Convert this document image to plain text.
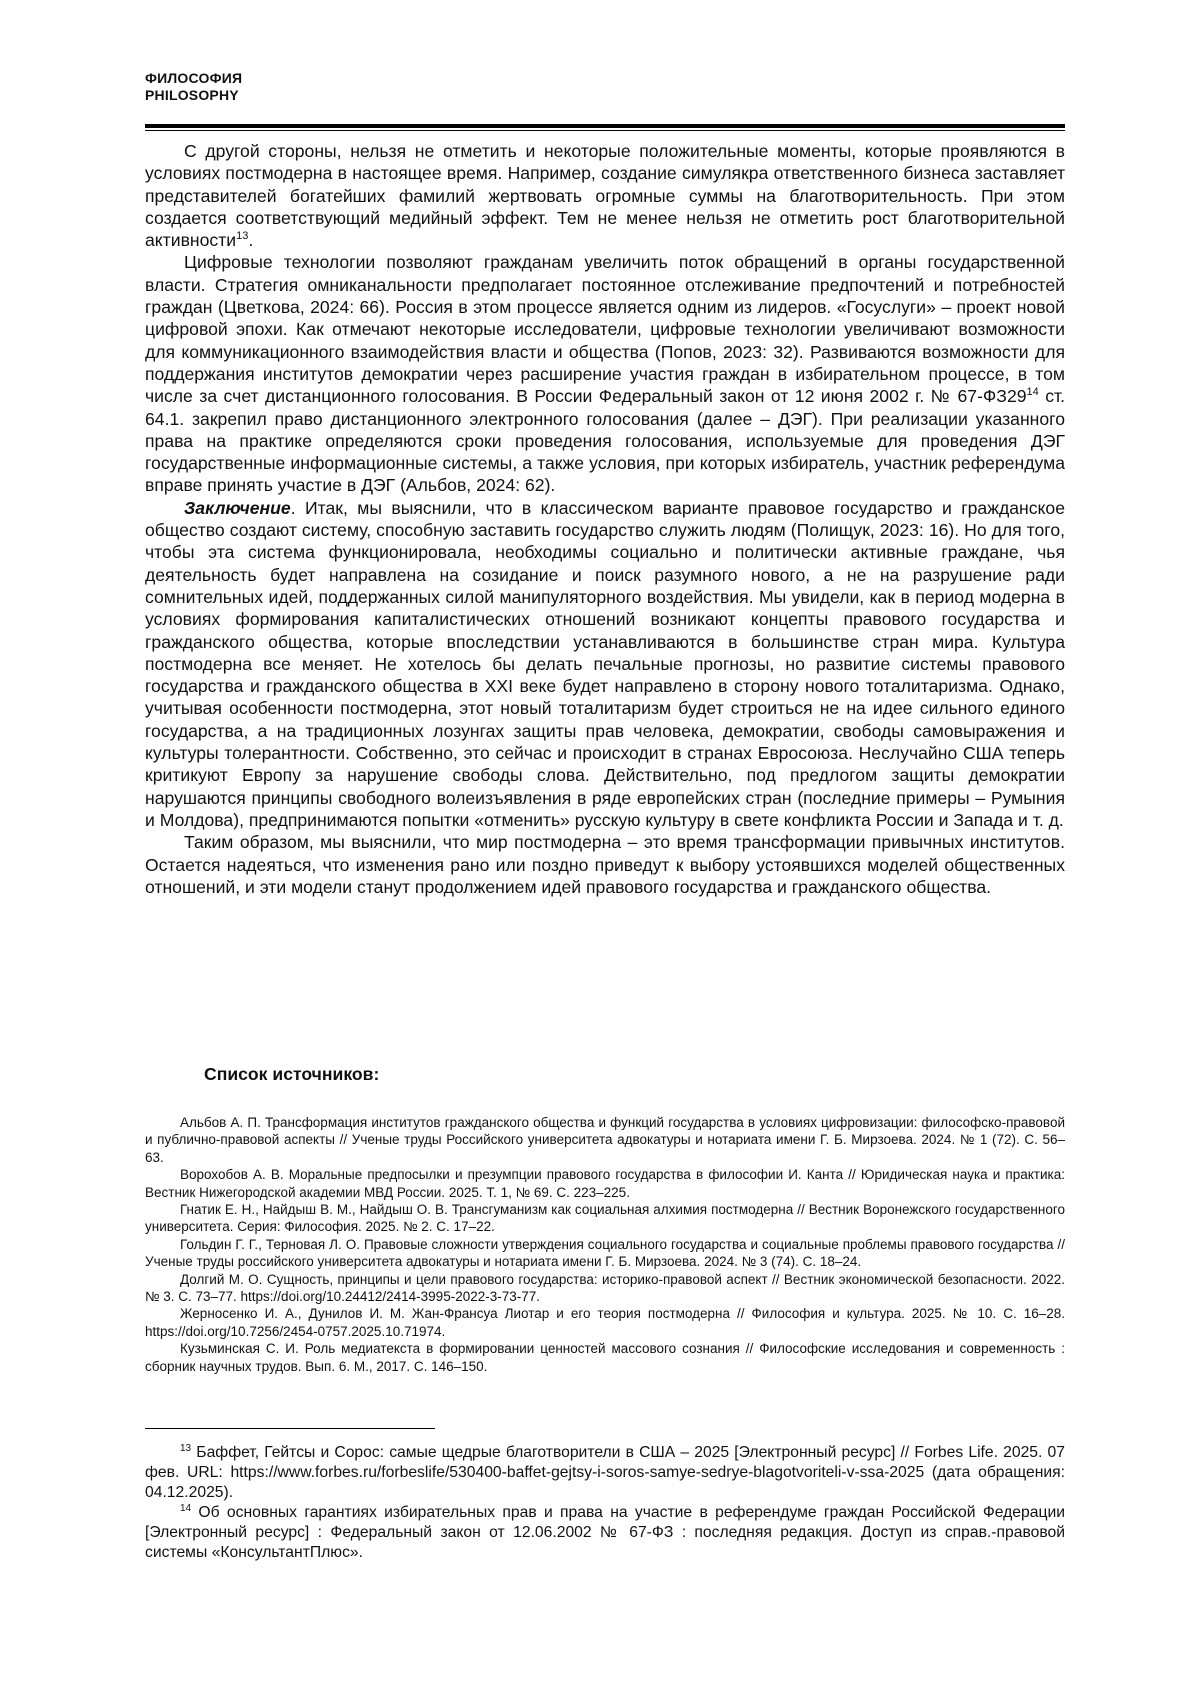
ФИЛОСОФИЯ
PHILOSOPHY

С другой стороны, нельзя не отметить и некоторые положительные моменты, которые проявляются в условиях постмодерна в настоящее время. Например, создание симулякра ответственного бизнеса заставляет представителей богатейших фамилий жертвовать огромные суммы на благотворительность. При этом создается соответствующий медийный эффект. Тем не менее нельзя не отметить рост благотворительной активности$^{13}$.

Цифровые технологии позволяют гражданам увеличить поток обращений в органы государственной власти. Стратегия омниканальности предполагает постоянное отслеживание предпочтений и потребностей граждан (Цветкова, 2024: 66). Россия в этом процессе является одним из лидеров. «Госуслуги» – проект новой цифровой эпохи. Как отмечают некоторые исследователи, цифровые технологии увеличивают возможности для коммуникационного взаимодействия власти и общества (Попов, 2023: 32). Развиваются возможности для поддержания институтов демократии через расширение участия граждан в избирательном процессе, в том числе за счет дистанционного голосования. В России Федеральный закон от 12 июня 2002 г. № $67-ФЗ29^{14}$ ст. 64.1. закрепил право дистанционного электронного голосования (далее – ДЭГ). При реализации указанного права на практике определяются сроки проведения голосования, используемые для проведения ДЭГ государственные информационные системы, а также условия, при которых избиратель, участник референдума вправе принять участие в ДЭГ (Альбов, 2024: 62).

Заключение. Итак, мы выяснили, что в классическом варианте правовое государство и гражданское общество создают систему, способную заставить государство служить людям (Полищук, 2023: 16). Но для того, чтобы эта система функционировала, необходимы социально и политически активные граждане, чья деятельность будет направлена на созидание и поиск разумного нового, а не на разрушение ради сомнительных идей, поддержанных силой манипуляторного воздействия. Мы увидели, как в период модерна в условиях формирования капиталистических отношений возникают концепты правового государства и гражданского общества, которые впоследствии устанавливаются в большинстве стран мира. Культура постмодерна все меняет. Не хотелось бы делать печальные прогнозы, но развитие системы правового государства и гражданского общества в XXI веке будет направлено в сторону нового тоталитаризма. Однако, учитывая особенности постмодерна, этот новый тоталитаризм будет строиться не на идее сильного единого государства, а на традиционных лозунгах защиты прав человека, демократии, свободы самовыражения и культуры толерантности. Собственно, это сейчас и происходит в странах Евросоюза. Неслучайно США теперь критикуют Европу за нарушение свободы слова. Действительно, под предлогом защиты демократии нарушаются принципы свободного волеизъявления в ряде европейских стран (последние примеры – Румыния и Молдова), предпринимаются попытки «отменить» русскую культуру в свете конфликта России и Запада и т. д.

Таким образом, мы выяснили, что мир постмодерна – это время трансформации привычных институтов. Остается надеяться, что изменения рано или поздно приведут к выбору устоявшихся моделей общественных отношений, и эти модели станут продолжением идей правового государства и гражданского общества.

Список источников:

Альбов А. П. Трансформация институтов гражданского общества и функций государства в условиях цифровизации: философско-правовой и публично-правовой аспекты // Ученые труды Российского университета адвокатуры и нотариата имени Г. Б. Мирзоева. 2024. № 1 (72). С. 56–63.

Ворохобов А. В. Моральные предпосылки и презумпции правового государства в философии И. Канта // Юридическая наука и практика: Вестник Нижегородской академии МВД России. 2025. Т. 1, № 69. С. 223–225.

Гнатик Е. Н., Найдыш В. М., Найдыш О. В. Трансгуманизм как социальная алхимия постмодерна // Вестник Воронежского государственного университета. Серия: Философия. 2025. № 2. С. 17–22.

Гольдин Г. Г., Терновая Л. О. Правовые сложности утверждения социального государства и социальные проблемы правового государства // Ученые труды российского университета адвокатуры и нотариата имени Г. Б. Мирзоева. 2024. № 3 (74). С. 18–24.

Долгий М. О. Сущность, принципы и цели правового государства: историко-правовой аспект // Вестник экономической безопасности. 2022. № 3. С. 73–77. https://doi.org/10.24412/2414-3995-2022-3-73-77.

Жерносенко И. А., Дунилов И. М. Жан-Франсуа Лиотар и его теория постмодерна // Философия и культура. 2025. № 10. С. 16–28. https://doi.org/10.7256/2454-0757.2025.10.71974.

Кузьминская С. И. Роль медиатекста в формировании ценностей массового сознания // Философские исследования и современность : сборник научных трудов. Вып. 6. М., 2017. С. 146–150.

$^{13}$ Баффет, Гейтсы и Сорос: самые щедрые благотворители в США – 2025 [Электронный ресурс] // Forbes Life. 2025. 07 фев. URL: https://www.forbes.ru/forbeslife/530400-baffet-gejtsy-i-soros-samye-sedrye-blagotvoriteli-v-ssa-2025 (дата обращения: 04.12.2025).

$^{14}$ Об основных гарантиях избирательных прав и права на участие в референдуме граждан Российской Федерации [Электронный ресурс] : Федеральный закон от 12.06.2002 № 67-ФЗ : последняя редакция. Доступ из справ.-правовой системы «КонсультантПлюс».
